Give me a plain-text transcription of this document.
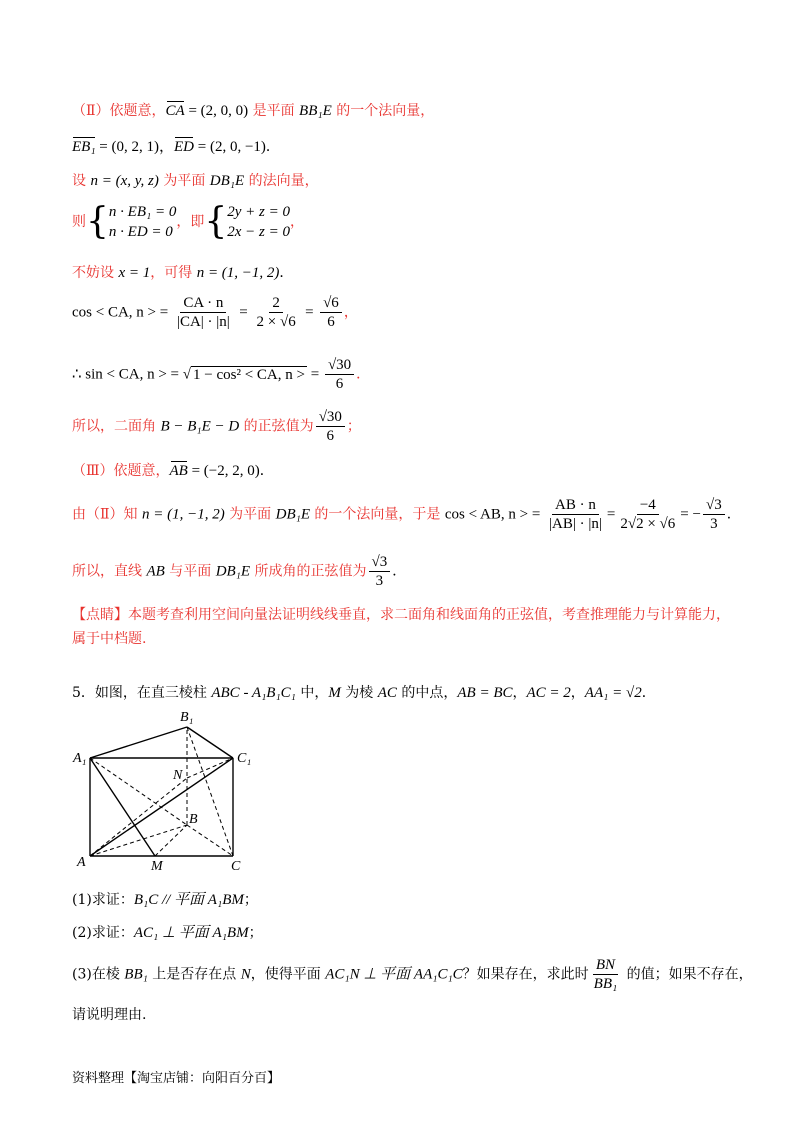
（Ⅱ）依题意，CA = (2, 0, 0) 是平面 BB₁E 的一个法向量，
EB₁ = (0, 2, 1)，ED = (2, 0, −1)．
设 n = (x, y, z) 为平面 DB₁E 的法向量，
则{ n · EB₁ = 0
n · ED = 0
，即{ 2y + z = 0
2x − z = 0
，
不妨设 x = 1，可得 n = (1, −1, 2)．
cos < CA, n > = $\frac{CA \cdot n}{|CA| \cdot |n|} = \frac{2}{2 \times √6} = \frac{√6}{6}$ ，
∴ sin < CA, n > = √ 1 − cos² < CA, n > = $\frac{√30}{6}$ ．
所以，二面角 B − B₁E − D 的正弦值为 $\frac{√30}{6}$ ；
（Ⅲ）依题意，AB = (−2, 2, 0)．
由（Ⅱ）知 n = (1, −1, 2) 为平面 DB₁E 的一个法向量，于是 cos < AB, n > = $\frac{AB \cdot n}{|AB| \cdot |n|} = \frac{-4}{2√2 \times √6}$ = − $\frac{√3}{3}$ ．
所以，直线 AB 与平面 DB₁E 所成角的正弦值为 $\frac{√3}{3}$ ．
【点睛】本题考查利用空间向量法证明线线垂直，求二面角和线面角的正弦值，考查推理能力与计算能力，
属于中档题.
5．如图，在直三棱柱 ABC - A₁B₁C₁ 中，M 为棱 AC 的中点，AB = BC，AC = 2，AA₁ = √2．
B₁
A₁	C₁
N
B
A	M	C
(1)求证：B₁C // 平面 A₁BM；
(2)求证：AC₁ ⊥ 平面 A₁BM；
(3)在棱 BB₁ 上是否存在点 N，使得平面 AC₁N ⊥ 平面 AA₁C₁C？如果存在，求此时 $\frac{BN}{\text{BB₁}}$ 的值；如果不存在，
请说明理由.
资料整理【淘宝店铺：向阳百分百】
